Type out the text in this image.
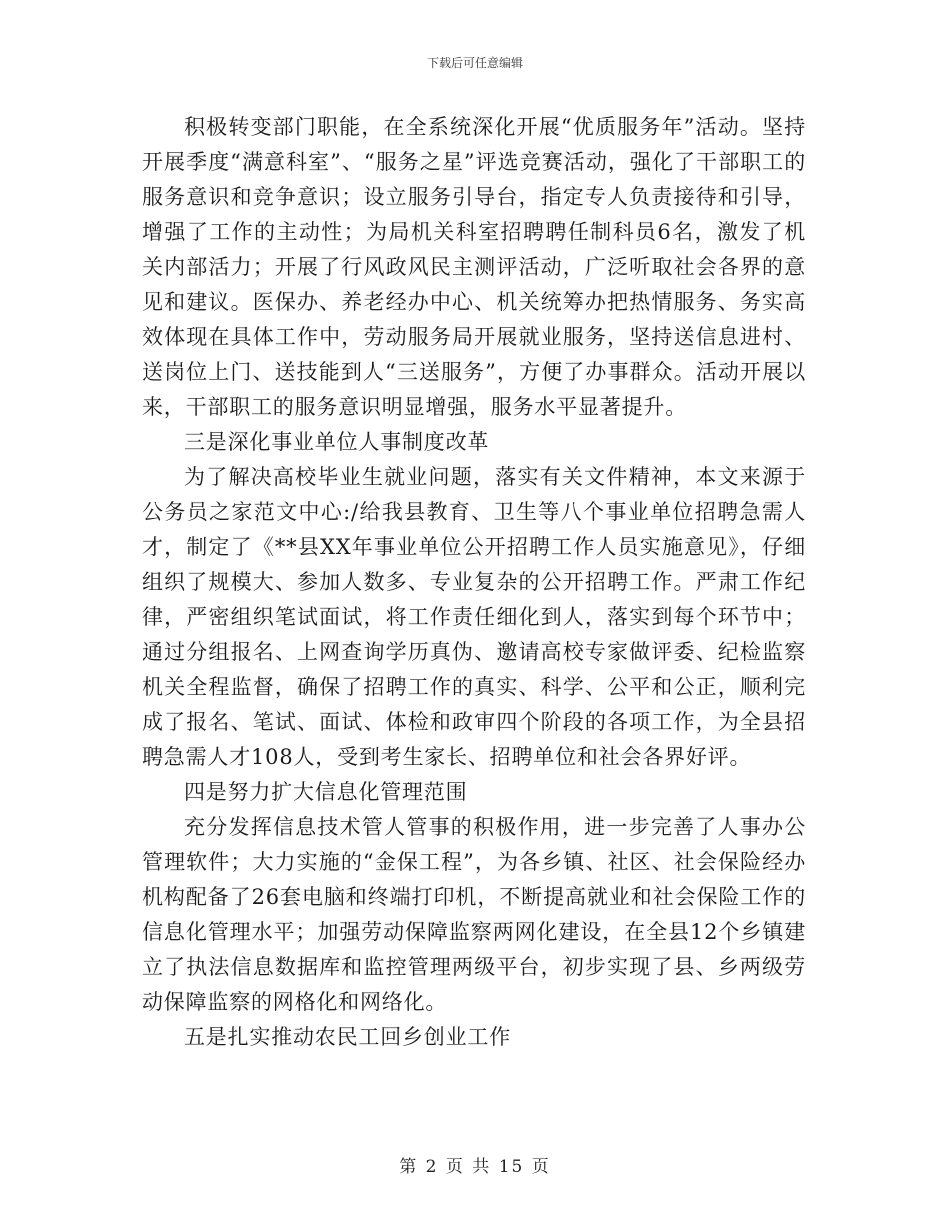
下载后可任意编辑

积极转变部门职能，在全系统深化开展“优质服务年”活动。坚持开展季度“满意科室”、“服务之星”评选竞赛活动，强化了干部职工的服务意识和竞争意识；设立服务引导台，指定专人负责接待和引导，增强了工作的主动性；为局机关科室招聘聘任制科员6名，激发了机关内部活力；开展了行风政风民主测评活动，广泛听取社会各界的意见和建议。医保办、养老经办中心、机关统筹办把热情服务、务实高效体现在具体工作中，劳动服务局开展就业服务，坚持送信息进村、送岗位上门、送技能到人“三送服务”，方便了办事群众。活动开展以来，干部职工的服务意识明显增强，服务水平显著提升。

三是深化事业单位人事制度改革

为了解决高校毕业生就业问题，落实有关文件精神，本文来源于公务员之家范文中心:/给我县教育、卫生等八个事业单位招聘急需人才，制定了《**县XX年事业单位公开招聘工作人员实施意见》，仔细组织了规模大、参加人数多、专业复杂的公开招聘工作。严肃工作纪律，严密组织笔试面试，将工作责任细化到人，落实到每个环节中；通过分组报名、上网查询学历真伪、邀请高校专家做评委、纪检监察机关全程监督，确保了招聘工作的真实、科学、公平和公正，顺利完成了报名、笔试、面试、体检和政审四个阶段的各项工作，为全县招聘急需人才108人，受到考生家长、招聘单位和社会各界好评。

四是努力扩大信息化管理范围

充分发挥信息技术管人管事的积极作用，进一步完善了人事办公管理软件；大力实施的“金保工程”，为各乡镇、社区、社会保险经办机构配备了26套电脑和终端打印机，不断提高就业和社会保险工作的信息化管理水平；加强劳动保障监察两网化建设，在全县12个乡镇建立了执法信息数据库和监控管理两级平台，初步实现了县、乡两级劳动保障监察的网格化和网络化。

五是扎实推动农民工回乡创业工作

第 2 页 共 15 页
